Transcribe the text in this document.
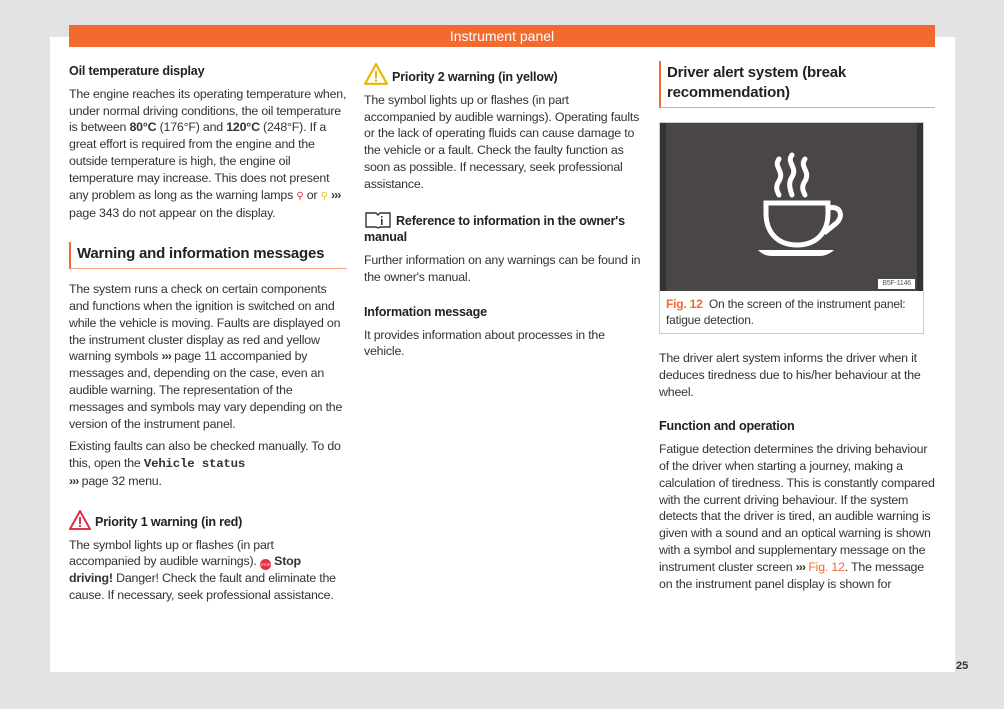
Instrument panel
Oil temperature display

The engine reaches its operating temperature when, under normal driving conditions, the oil temperature is between 80°C (176°F) and 120°C (248°F). If a great effort is required from the engine and the outside temperature is high, the engine oil temperature may increase. This does not present any problem as long as the warning lamps ⚲ or ⚲ ››› page 343 do not appear on the display.

Warning and information messages

The system runs a check on certain components and functions when the ignition is switched on and while the vehicle is moving. Faults are displayed on the instrument cluster display as red and yellow warning symbols ››› page 11 accompanied by messages and, depending on the case, even an audible warning. The representation of the messages and symbols may vary depending on the version of the instrument panel.

Existing faults can also be checked manually. To do this, open the Vehicle status
››› page 32 menu.

Priority 1 warning (in red)

The symbol lights up or flashes (in part accompanied by audible warnings). STOP Stop driving! Danger! Check the fault and eliminate the cause. If necessary, seek professional assistance.

Priority 2 warning (in yellow)

The symbol lights up or flashes (in part accompanied by audible warnings). Operating faults or the lack of operating fluids can cause damage to the vehicle or a fault. Check the faulty function as soon as possible. If necessary, seek professional assistance.

Reference to information in the owner's manual

Further information on any warnings can be found in the owner's manual.

Information message

It provides information about processes in the vehicle.

Driver alert system (break recommendation)
B5F-1146
Fig. 12 On the screen of the instrument panel: fatigue detection.

The driver alert system informs the driver when it deduces tiredness due to his/her behaviour at the wheel.

Function and operation

Fatigue detection determines the driving behaviour of the driver when starting a journey, making a calculation of tiredness. This is constantly compared with the current driving behaviour. If the system detects that the driver is tired, an audible warning is given with a sound and an optical warning is shown with a symbol and supplementary message on the instrument cluster screen ››› Fig. 12. The message on the instrument panel display is shown for

25
